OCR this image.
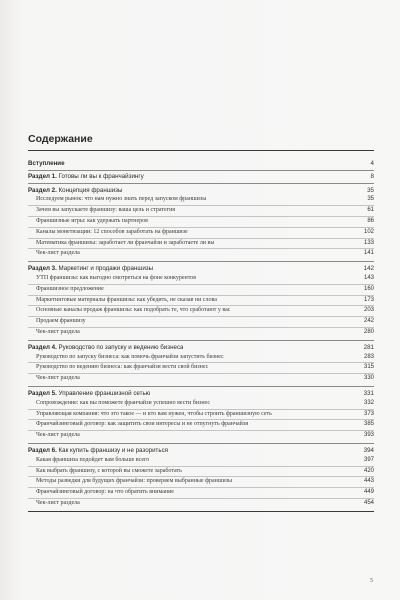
Содержание
Вступление	4
Раздел 1. Готовы ли вы к франчайзингу	8
Раздел 2. Концепция франшизы	35
Исследуем рынок: что нам нужно знать перед запуском франшизы	35
Зачем вы запускаете франшизу: ваша цель и стратегия	61
Франшизные игры: как удержать партнеров	86
Каналы монетизации: 12 способов заработать на франшизе	102
Математика франшизы: заработает ли франчайзи и заработаете ли вы	133
Чек-лист раздела	141
Раздел 3. Маркетинг и продажи франшизы	142
УТП франшизы: как выгодно смотреться на фоне конкурентов	143
Франшизное предложение	160
Маркетинговые материалы франшизы: как убедить, не сказав ни слова	173
Основные каналы продаж франшизы: как подобрать те, что сработают у вас	203
Продаем франшизу	242
Чек-лист раздела	280
Раздел 4. Руководство по запуску и ведению бизнеса	281
Руководство по запуску бизнеса: как помочь франчайзи запустить бизнес	283
Руководство по ведению бизнеса: как франчайзи вести свой бизнес	315
Чек-лист раздела	330
Раздел 5. Управление франшизной сетью	331
Сопровождение: как вы поможете франчайзи успешно вести бизнес	332
Управляющая компания: что это такое — и кто вам нужен, чтобы строить франшизную сеть	373
Франчайзинговый договор: как защитить свои интересы и не отпугнуть франчайзи	385
Чек-лист раздела	393
Раздел 6. Как купить франшизу и не разориться	394
Какая франшиза подойдет вам больше всего	397
Как выбрать франшизу, с которой вы сможете заработать	420
Методы разведки для будущих франчайзи: проверяем выбранные франшизы	443
Франчайзинговый договор: на что обратить внимание	449
Чек-лист раздела	454
5
